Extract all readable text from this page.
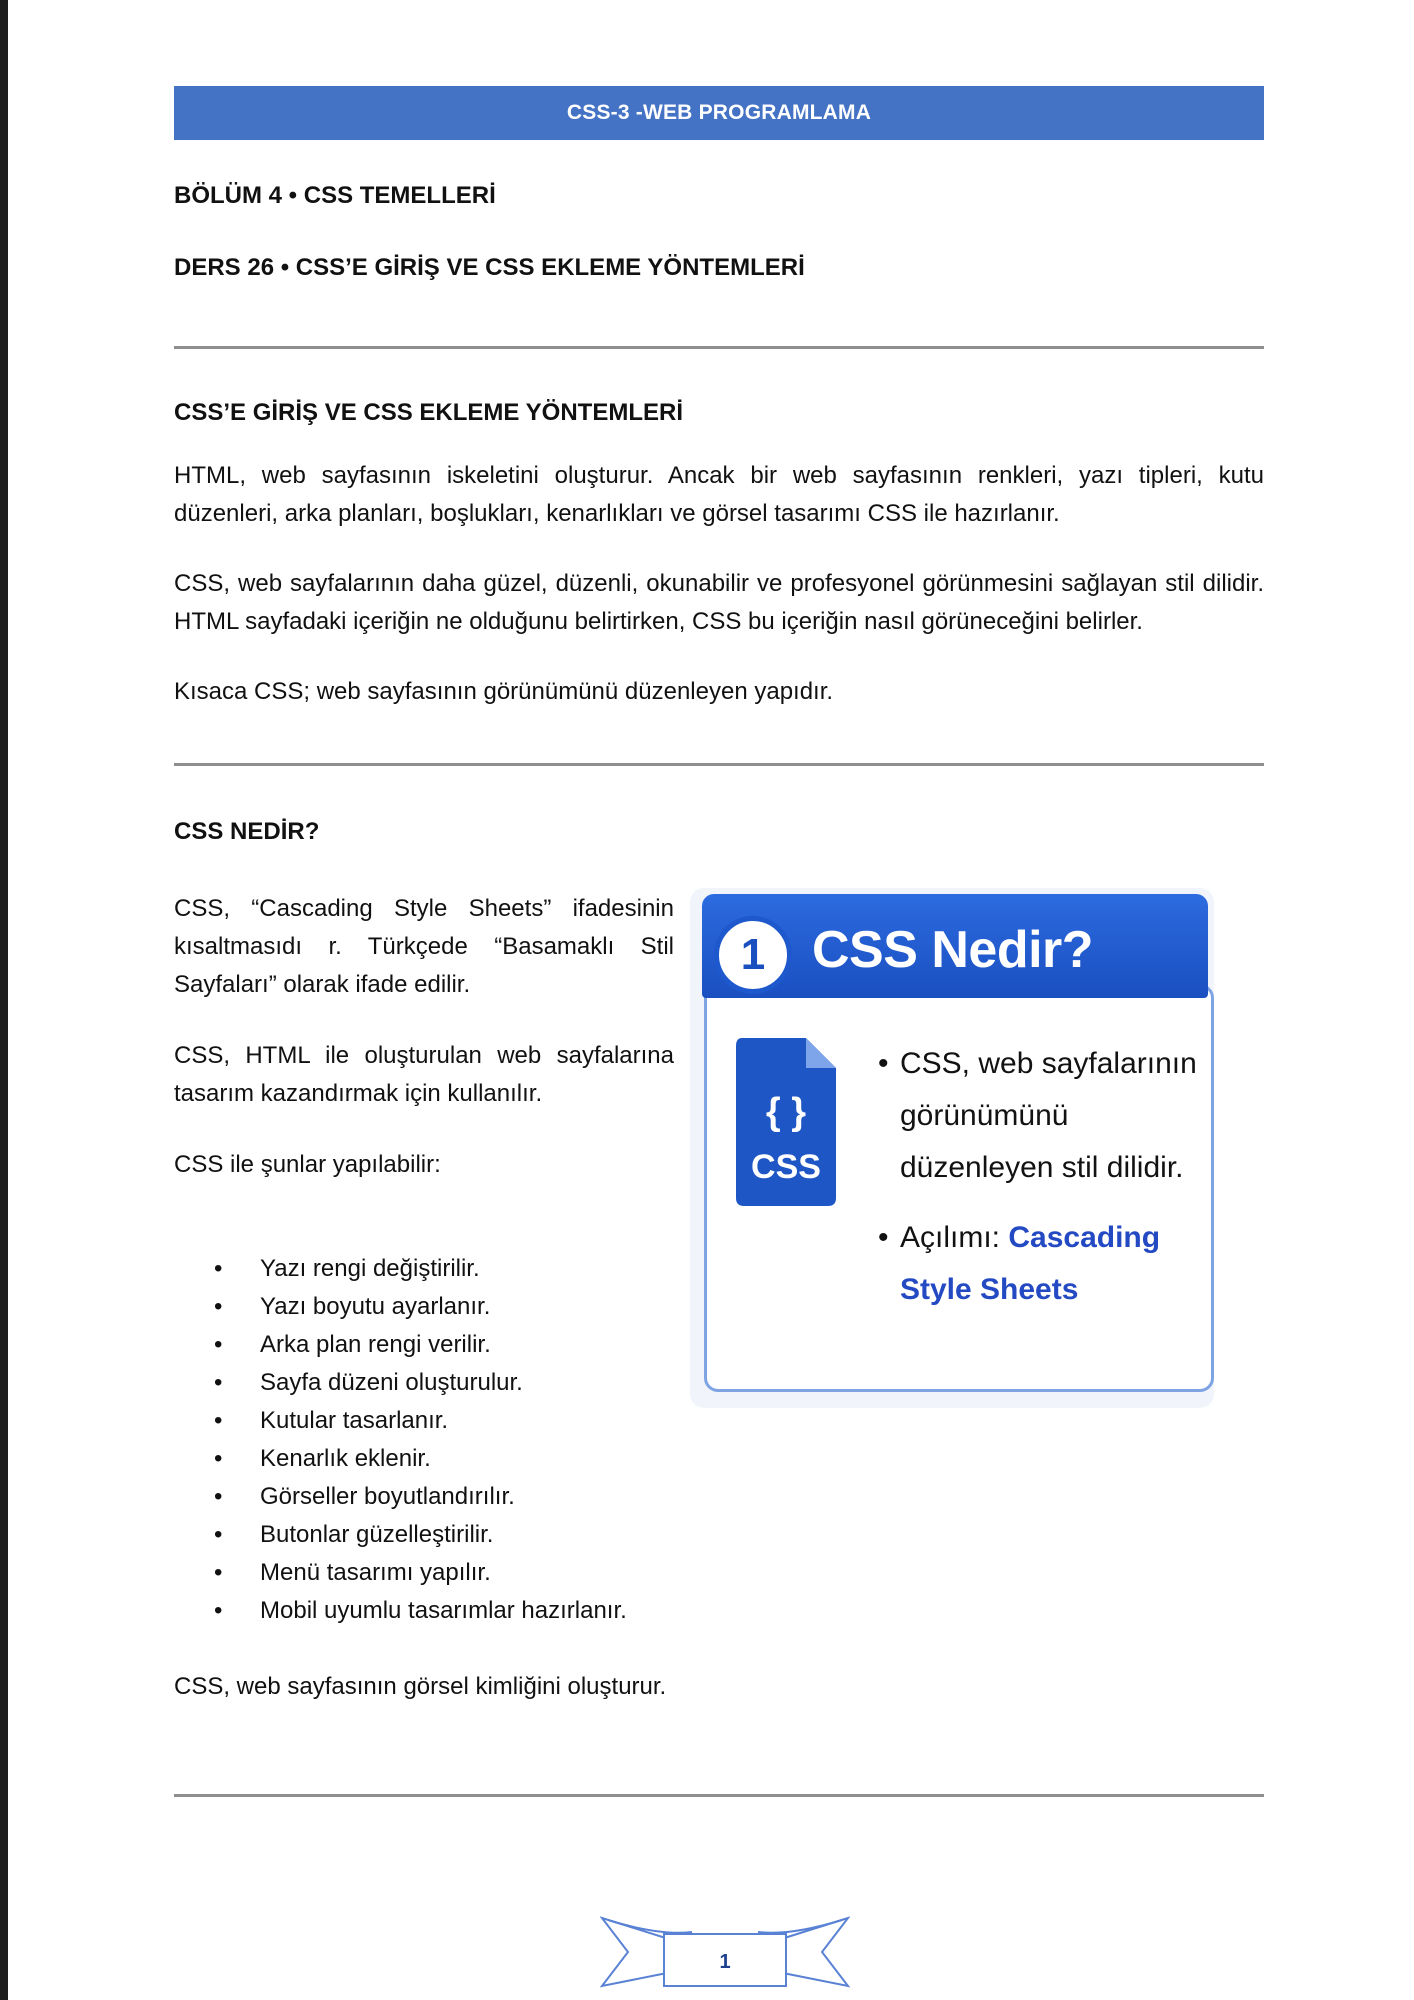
CSS-3 -WEB PROGRAMLAMA
BÖLÜM 4 • CSS TEMELLERİ
DERS 26 • CSS’E GİRİŞ VE CSS EKLEME YÖNTEMLERİ
CSS’E GİRİŞ VE CSS EKLEME YÖNTEMLERİ

HTML, web sayfasının iskeletini oluşturur. Ancak bir web sayfasının renkleri, yazı tipleri, kutu düzenleri, arka planları, boşlukları, kenarlıkları ve görsel tasarımı CSS ile hazırlanır.

CSS, web sayfalarının daha güzel, düzenli, okunabilir ve profesyonel görünmesini sağlayan stil dilidir. HTML sayfadaki içeriğin ne olduğunu belirtirken, CSS bu içeriğin nasıl görüneceğini belirler.

Kısaca CSS; web sayfasının görünümünü düzenleyen yapıdır.

CSS NEDİR?

CSS, “Cascading Style Sheets” ifadesinin kısaltmasıdı r. Türkçede “Basamaklı Stil Sayfaları” olarak ifade edilir.

CSS, HTML ile oluşturulan web sayfalarına tasarım kazandırmak için kullanılır.

CSS ile şunlar yapılabilir:

1 CSS Nedir?
{ }
CSS
• CSS, web sayfalarının görünümünü düzenleyen stil dilidir.
• Açılımı: Cascading Style Sheets
• Yazı rengi değiştirilir.
• Yazı boyutu ayarlanır.
• Arka plan rengi verilir.
• Sayfa düzeni oluşturulur.
• Kutular tasarlanır.
• Kenarlık eklenir.
• Görseller boyutlandırılır.
• Butonlar güzelleştirilir.
• Menü tasarımı yapılır.
• Mobil uyumlu tasarımlar hazırlanır.

CSS, web sayfasının görsel kimliğini oluşturur.

1
